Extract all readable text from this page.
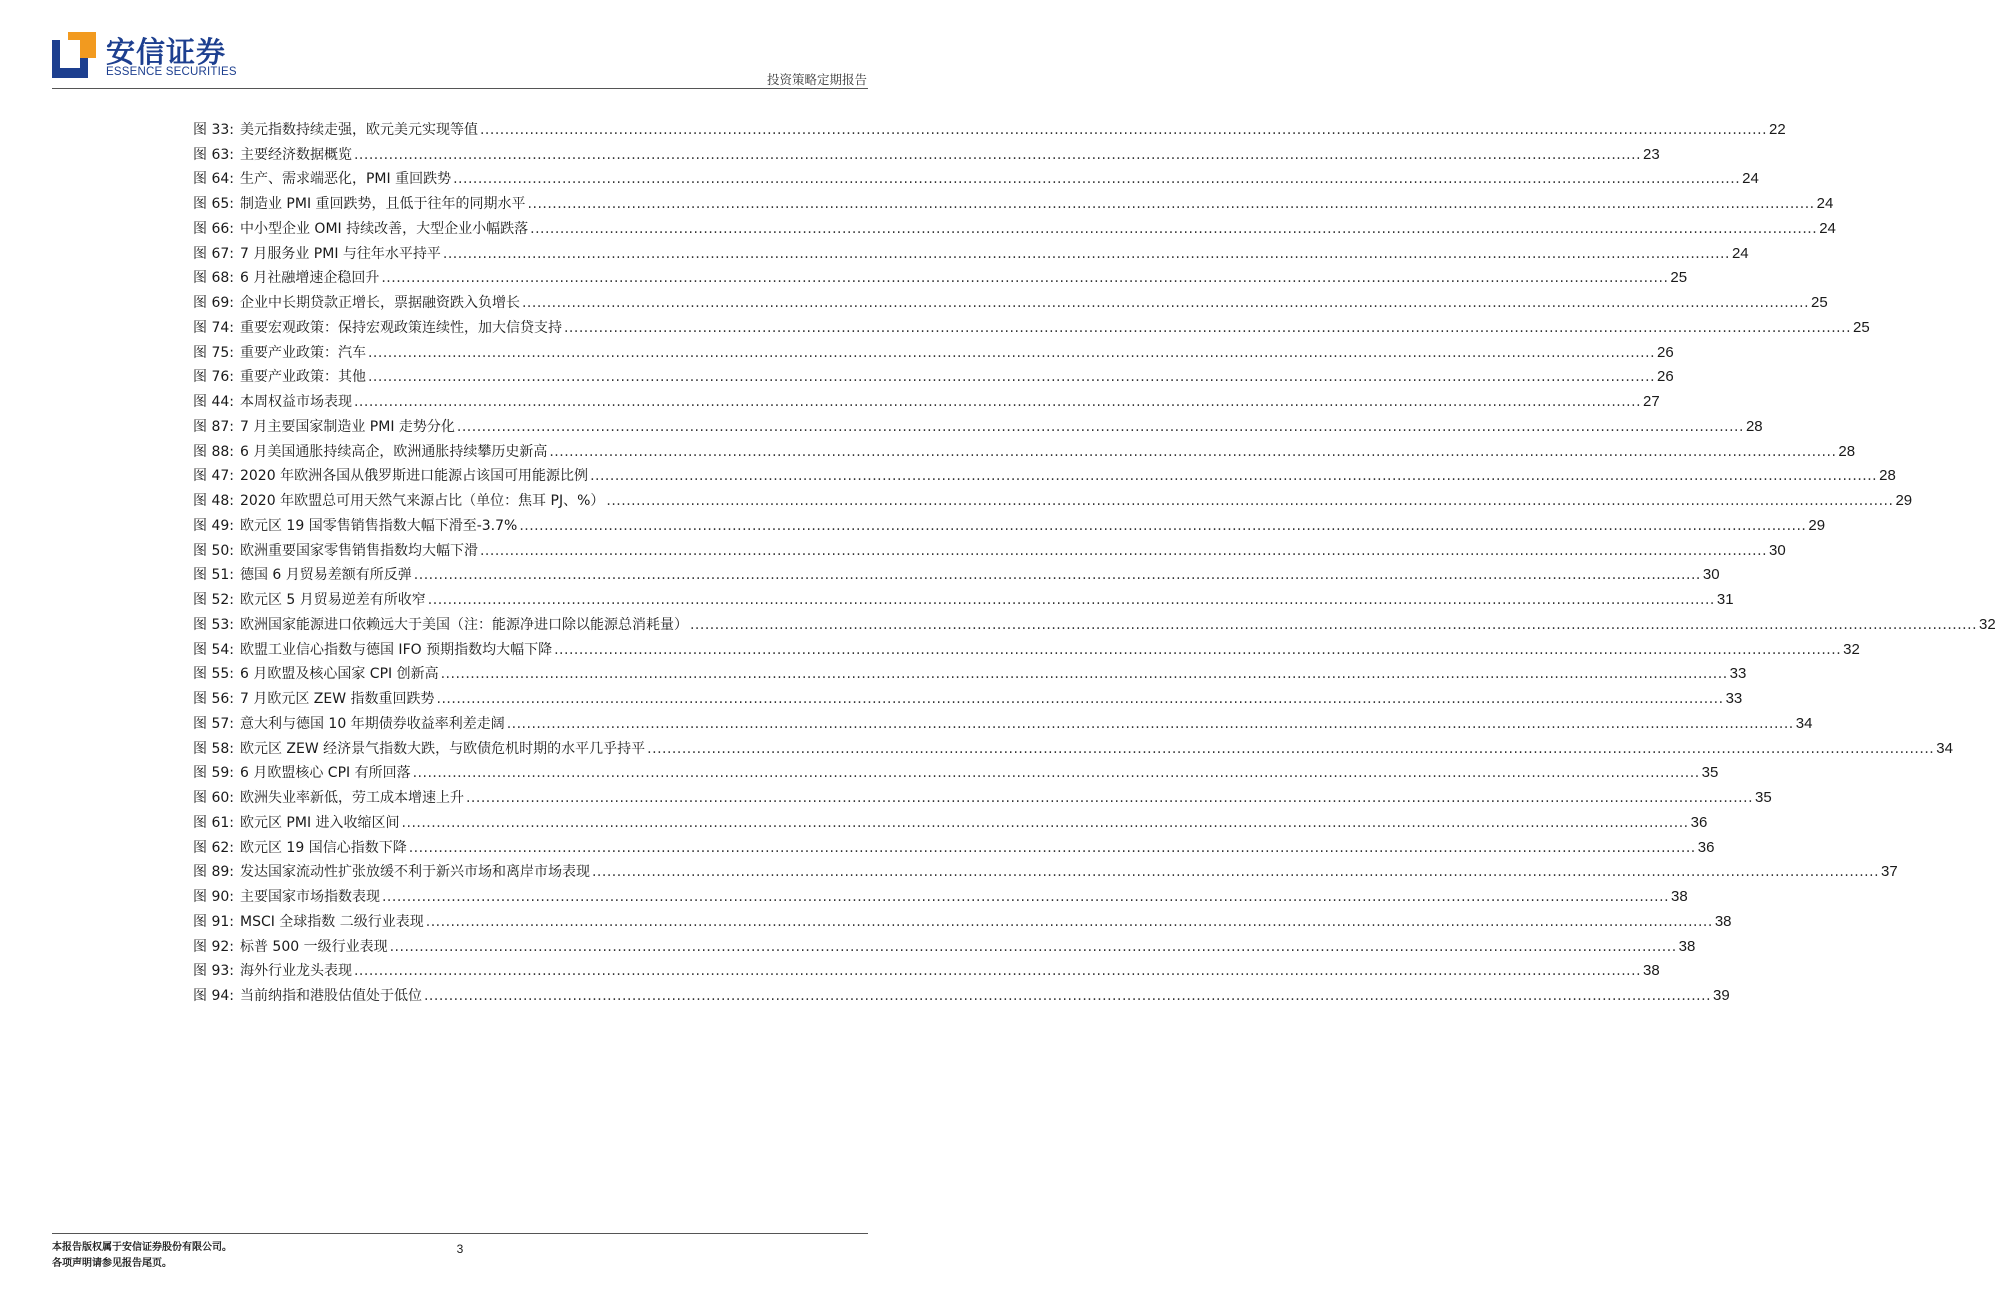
安信证券
ESSENCE SECURITIES	投资策略定期报告
图 33: 美元指数持续走强，欧元美元实现等值 .................................................................................................................................................................................................................................................................... 22
图 63: 主要经济数据概览 .................................................................................................................................................................................................................................................................... 23
图 64: 生产、需求端恶化，PMI 重回跌势 .................................................................................................................................................................................................................................................................... 24
图 65: 制造业 PMI 重回跌势，且低于往年的同期水平 .................................................................................................................................................................................................................................................................... 24
图 66: 中小型企业 OMI 持续改善，大型企业小幅跌落 .................................................................................................................................................................................................................................................................... 24
图 67: 7 月服务业 PMI 与往年水平持平 .................................................................................................................................................................................................................................................................... 24
图 68: 6 月社融增速企稳回升 .................................................................................................................................................................................................................................................................... 25
图 69: 企业中长期贷款正增长，票据融资跌入负增长 .................................................................................................................................................................................................................................................................... 25
图 74: 重要宏观政策：保持宏观政策连续性，加大信贷支持 .................................................................................................................................................................................................................................................................... 25
图 75: 重要产业政策：汽车 .................................................................................................................................................................................................................................................................... 26
图 76: 重要产业政策：其他 .................................................................................................................................................................................................................................................................... 26
图 44: 本周权益市场表现 .................................................................................................................................................................................................................................................................... 27
图 87: 7 月主要国家制造业 PMI 走势分化 .................................................................................................................................................................................................................................................................... 28
图 88: 6 月美国通胀持续高企，欧洲通胀持续攀历史新高 .................................................................................................................................................................................................................................................................... 28
图 47: 2020 年欧洲各国从俄罗斯进口能源占该国可用能源比例 .................................................................................................................................................................................................................................................................... 28
图 48: 2020 年欧盟总可用天然气来源占比（单位：焦耳 PJ、%） .................................................................................................................................................................................................................................................................... 29
图 49: 欧元区 19 国零售销售指数大幅下滑至-3.7% .................................................................................................................................................................................................................................................................... 29
图 50: 欧洲重要国家零售销售指数均大幅下滑 .................................................................................................................................................................................................................................................................... 30
图 51: 德国 6 月贸易差额有所反弹 .................................................................................................................................................................................................................................................................... 30
图 52: 欧元区 5 月贸易逆差有所收窄 .................................................................................................................................................................................................................................................................... 31
图 53: 欧洲国家能源进口依赖远大于美国（注：能源净进口除以能源总消耗量） .................................................................................................................................................................................................................................................................... 32
图 54: 欧盟工业信心指数与德国 IFO 预期指数均大幅下降 .................................................................................................................................................................................................................................................................... 32
图 55: 6 月欧盟及核心国家 CPI 创新高 .................................................................................................................................................................................................................................................................... 33
图 56: 7 月欧元区 ZEW 指数重回跌势 .................................................................................................................................................................................................................................................................... 33
图 57: 意大利与德国 10 年期债券收益率利差走阔 .................................................................................................................................................................................................................................................................... 34
图 58: 欧元区 ZEW 经济景气指数大跌，与欧债危机时期的水平几乎持平 .................................................................................................................................................................................................................................................................... 34
图 59: 6 月欧盟核心 CPI 有所回落 .................................................................................................................................................................................................................................................................... 35
图 60: 欧洲失业率新低，劳工成本增速上升 .................................................................................................................................................................................................................................................................... 35
图 61: 欧元区 PMI 进入收缩区间 .................................................................................................................................................................................................................................................................... 36
图 62: 欧元区 19 国信心指数下降 .................................................................................................................................................................................................................................................................... 36
图 89: 发达国家流动性扩张放缓不利于新兴市场和离岸市场表现 .................................................................................................................................................................................................................................................................... 37
图 90: 主要国家市场指数表现 .................................................................................................................................................................................................................................................................... 38
图 91: MSCI 全球指数 二级行业表现 .................................................................................................................................................................................................................................................................... 38
图 92: 标普 500 一级行业表现 .................................................................................................................................................................................................................................................................... 38
图 93: 海外行业龙头表现 .................................................................................................................................................................................................................................................................... 38
图 94: 当前纳指和港股估值处于低位 .................................................................................................................................................................................................................................................................... 39
本报告版权属于安信证券股份有限公司。
各项声明请参见报告尾页。
3
